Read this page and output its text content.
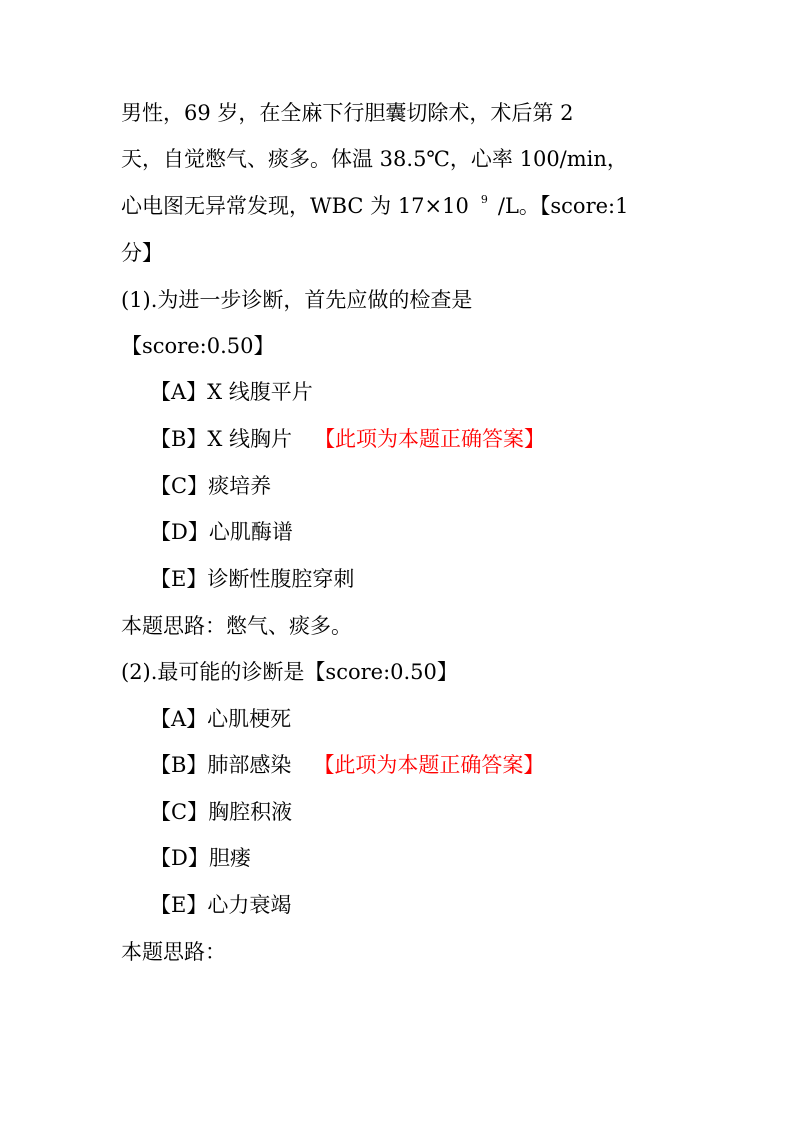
男性，69 岁，在全麻下行胆囊切除术，术后第 2
天，自觉憋气、痰多。体温 38.5℃，心率 100/min，
心电图无异常发现，WBC 为 17×10 $^9$ /L。【score:1
分】
(1).为进一步诊断，首先应做的检查是
【score:0.50】
【A】X 线腹平片
【B】X 线胸片 【此项为本题正确答案】
【C】痰培养
【D】心肌酶谱
【E】诊断性腹腔穿刺
本题思路：憋气、痰多。
(2).最可能的诊断是【score:0.50】
【A】心肌梗死
【B】肺部感染 【此项为本题正确答案】
【C】胸腔积液
【D】胆瘘
【E】心力衰竭
本题思路：
